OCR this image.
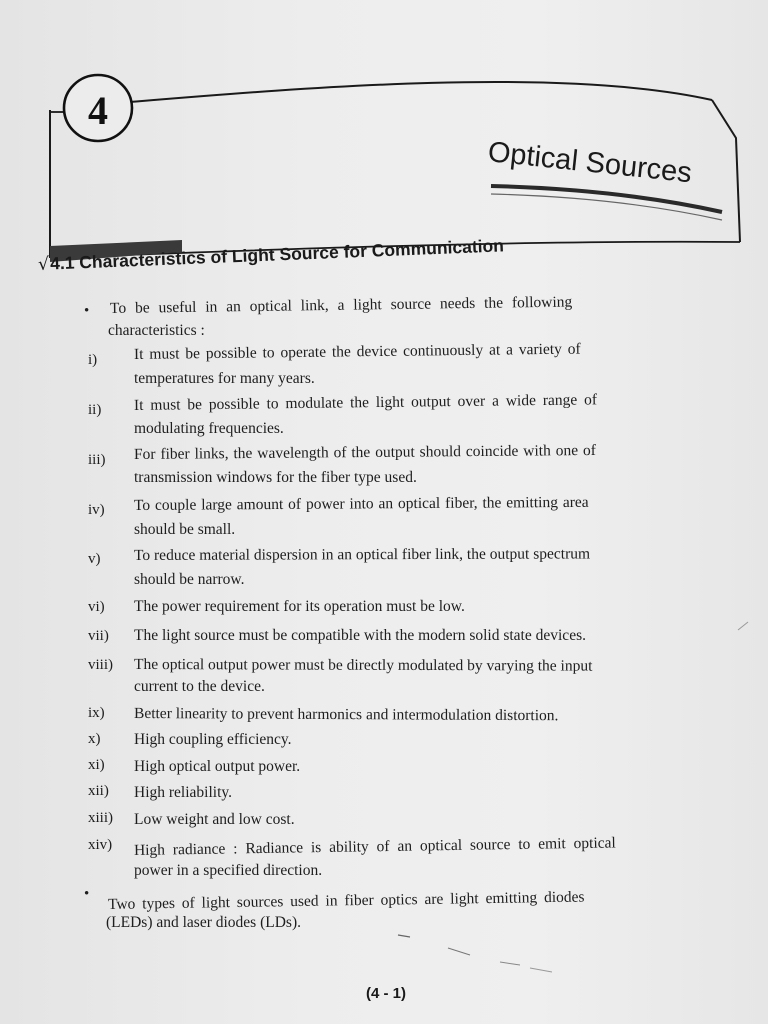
4
Optical Sources
√4.1 Characteristics of Light Source for Communication
• To be useful in an optical link, a light source needs the following
characteristics :
i) It must be possible to operate the device continuously at a variety of
temperatures for many years.
ii) It must be possible to modulate the light output over a wide range of
modulating frequencies.
iii) For fiber links, the wavelength of the output should coincide with one of
transmission windows for the fiber type used.
iv) To couple large amount of power into an optical fiber, the emitting area
should be small.
v) To reduce material dispersion in an optical fiber link, the output spectrum
should be narrow.
vi) The power requirement for its operation must be low.
vii) The light source must be compatible with the modern solid state devices.
viii) The optical output power must be directly modulated by varying the input
current to the device.
ix) Better linearity to prevent harmonics and intermodulation distortion.
x) High coupling efficiency.
xi) High optical output power.
xii) High reliability.
xiii) Low weight and low cost.
xiv) High radiance : Radiance is ability of an optical source to emit optical
power in a specified direction.
• Two types of light sources used in fiber optics are light emitting diodes
(LEDs) and laser diodes (LDs).
(4 - 1)
